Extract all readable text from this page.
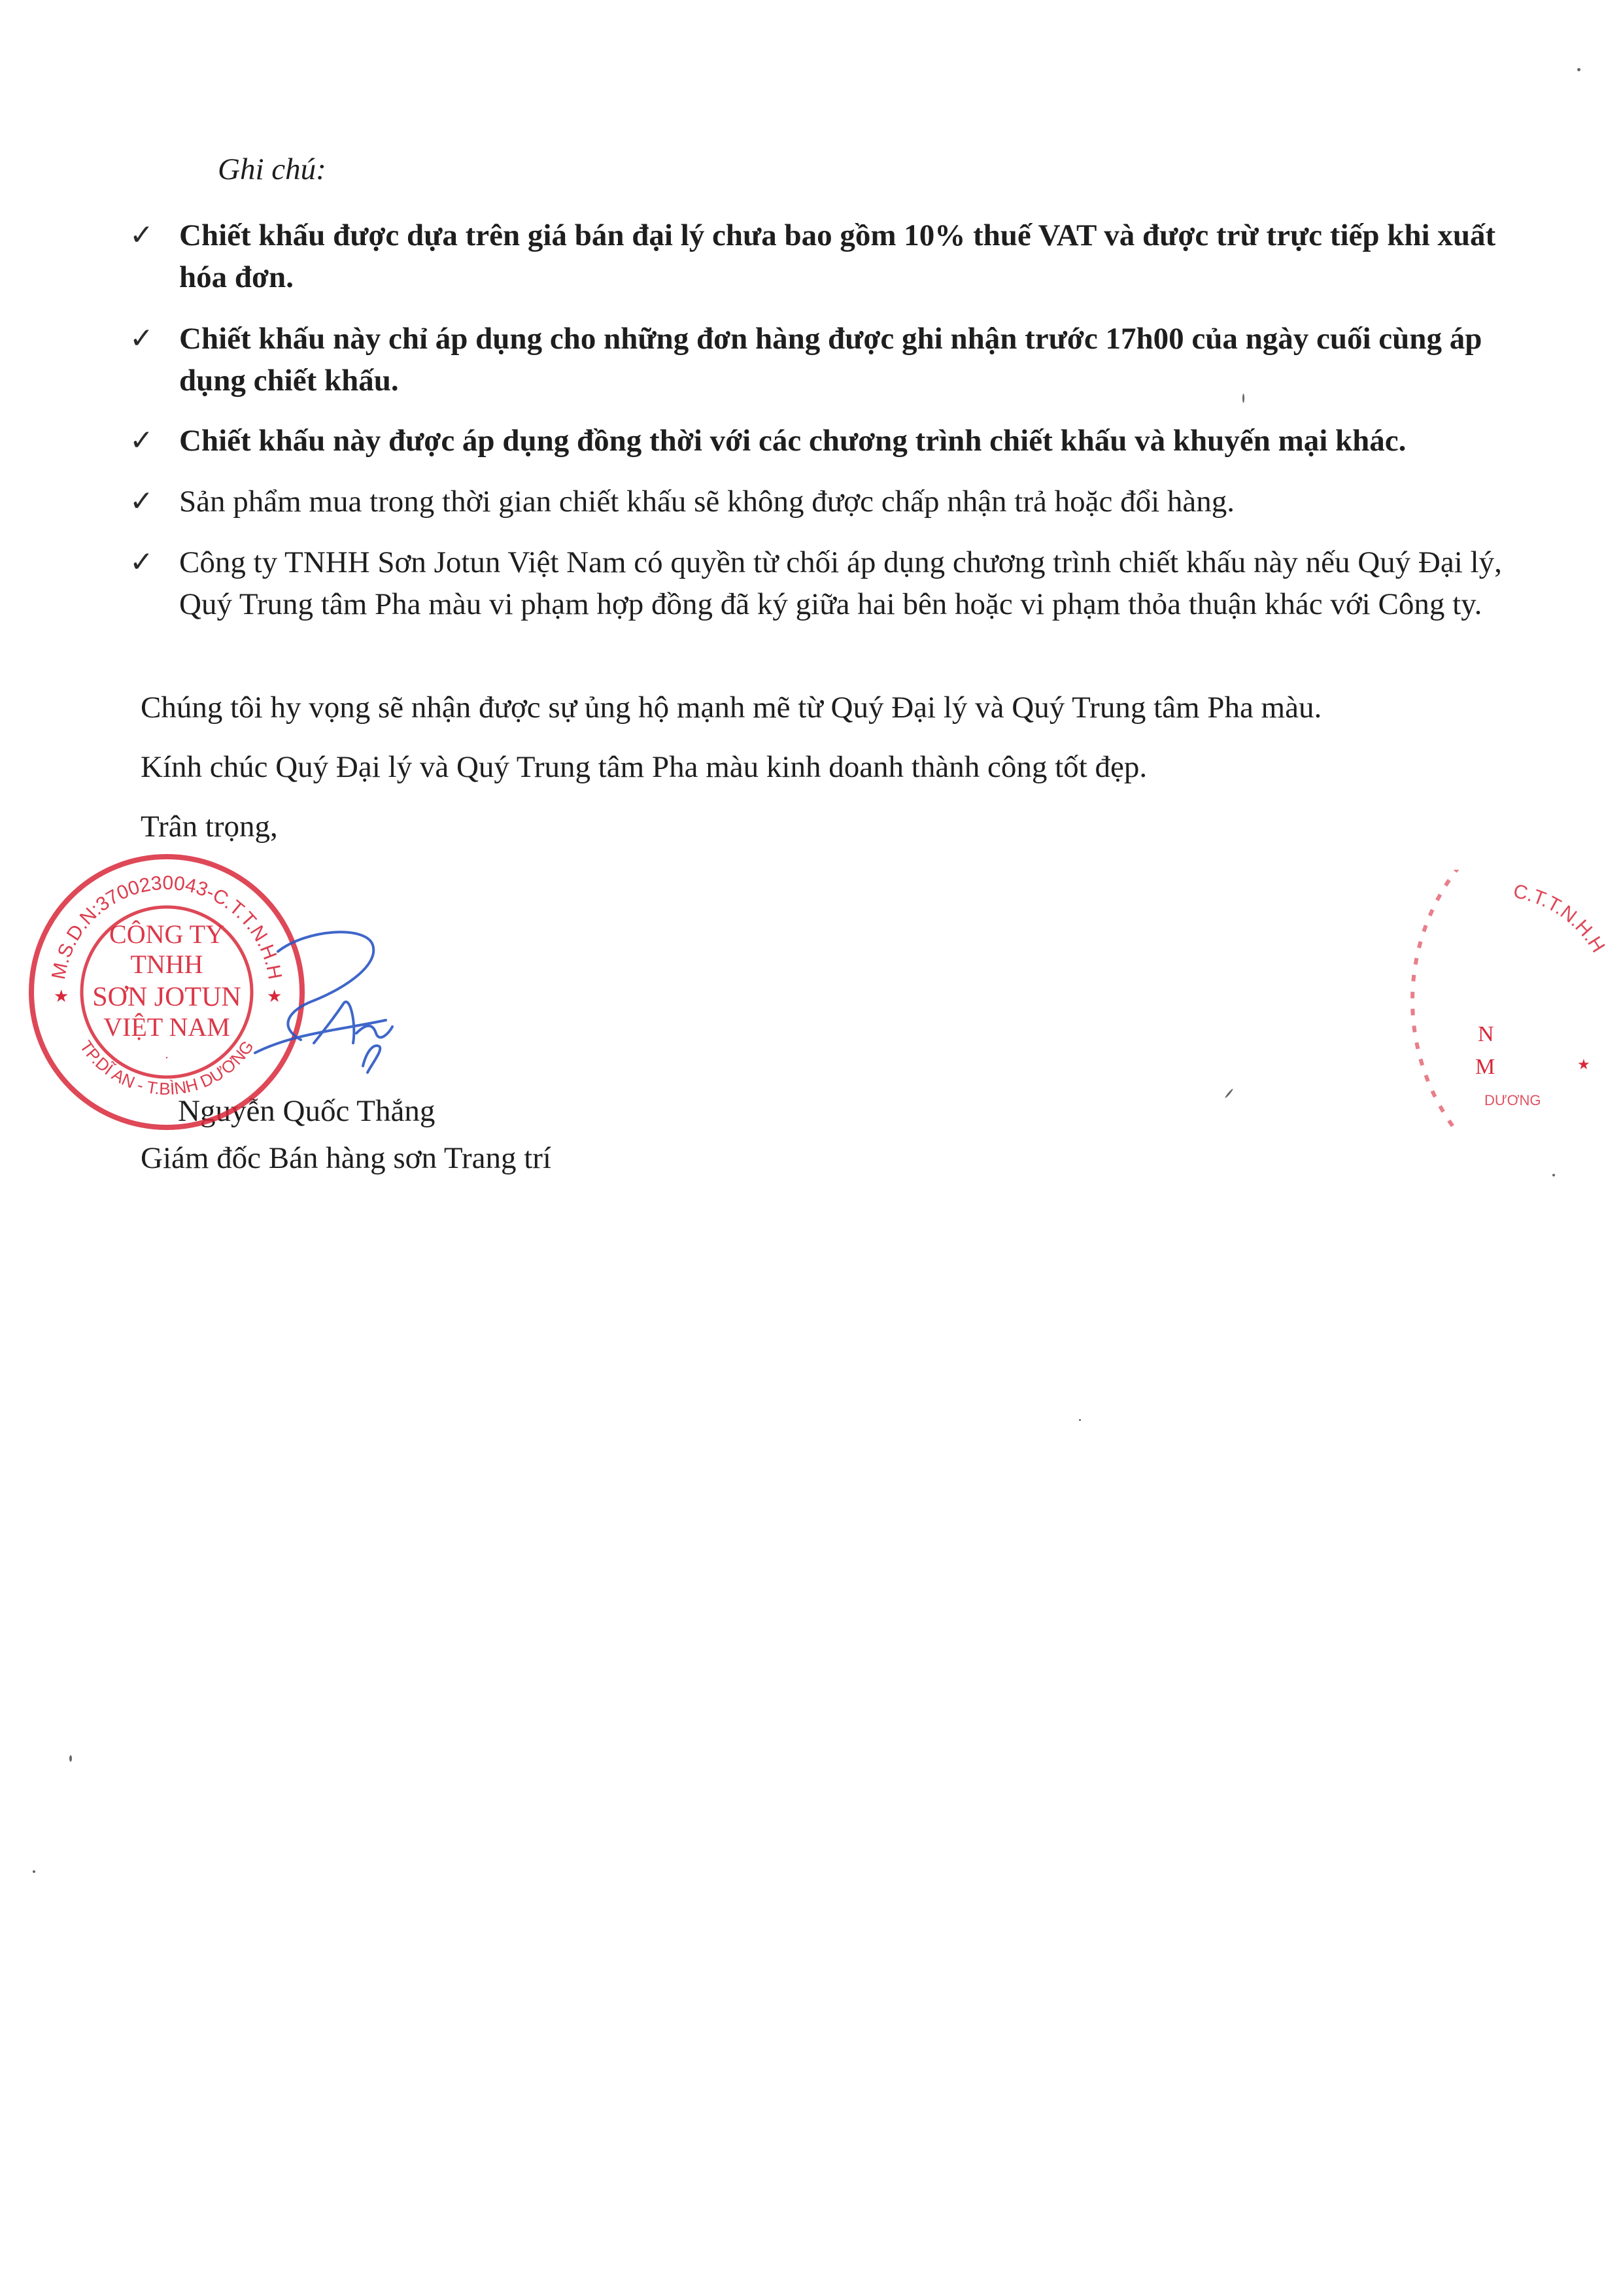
Ghi chú:
✓ Chiết khấu được dựa trên giá bán đại lý chưa bao gồm 10% thuế VAT và được trừ trực tiếp khi xuất hóa đơn.
✓ Chiết khấu này chỉ áp dụng cho những đơn hàng được ghi nhận trước 17h00 của ngày cuối cùng áp dụng chiết khấu.
✓ Chiết khấu này được áp dụng đồng thời với các chương trình chiết khấu và khuyến mại khác.
✓ Sản phẩm mua trong thời gian chiết khấu sẽ không được chấp nhận trả hoặc đổi hàng.
✓ Công ty TNHH Sơn Jotun Việt Nam có quyền từ chối áp dụng chương trình chiết khấu này nếu Quý Đại lý, Quý Trung tâm Pha màu vi phạm hợp đồng đã ký giữa hai bên hoặc vi phạm thỏa thuận khác với Công ty.

Chúng tôi hy vọng sẽ nhận được sự ủng hộ mạnh mẽ từ Quý Đại lý và Quý Trung tâm Pha màu.

Kính chúc Quý Đại lý và Quý Trung tâm Pha màu kinh doanh thành công tốt đẹp.

Trân trọng,

Nguyễn Quốc Thắng
Giám đốc Bán hàng sơn Trang trí
M.S.D.N:3700230043-C.T.T.N.H.H
TP.DĨ AN - T.BÌNH DƯƠNG
★	★
CÔNG TY
TNHH
SƠN JOTUN
VIỆT NAM
·
C.T.T.N.H.H
★
N
M
DƯƠNG
